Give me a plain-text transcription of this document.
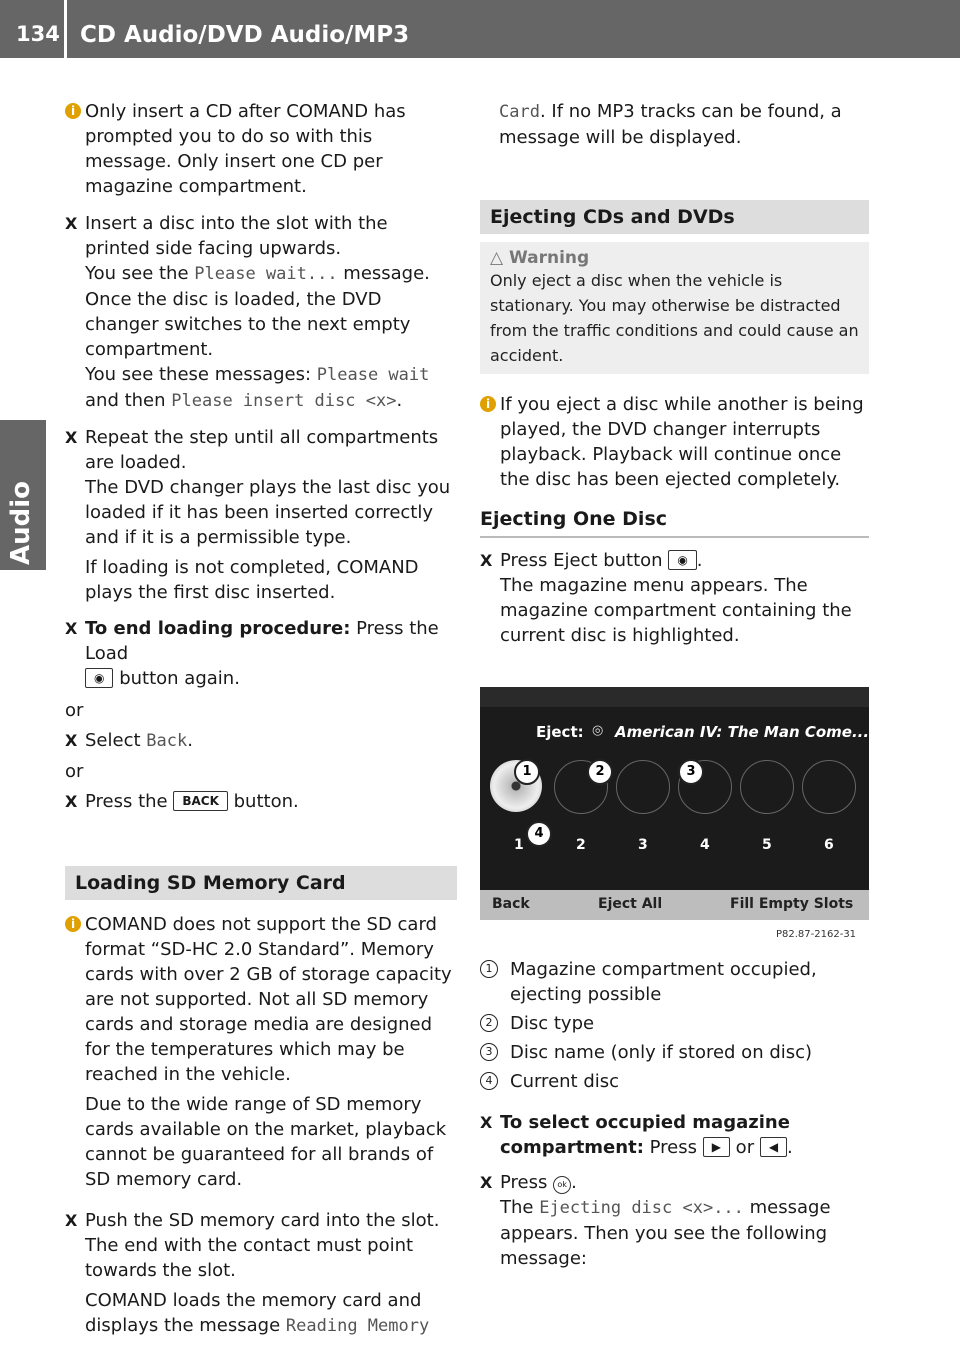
134 CD Audio/DVD Audio/MP3
Audio
i Only insert a CD after COMAND has prompted you to do so with this message. Only insert one CD per magazine compartment.
X Insert a disc into the slot with the printed side facing upwards.
You see the Please wait... message.
Once the disc is loaded, the DVD changer switches to the next empty compartment.
You see these messages: Please wait
and then Please insert disc <x>.
X Repeat the step until all compartments are loaded.
The DVD changer plays the last disc you loaded if it has been inserted correctly and if it is a permissible type.
If loading is not completed, COMAND plays the first disc inserted.
X To end loading procedure: Press the Load
◉ button again.
or
X Select Back.
or
X Press the BACK button.
Loading SD Memory Card
i COMAND does not support the SD card format “SD-HC 2.0 Standard”. Memory cards with over 2 GB of storage capacity are not supported. Not all SD memory cards and storage media are designed for the temperatures which may be reached in the vehicle.
Due to the wide range of SD memory cards available on the market, playback cannot be guaranteed for all brands of SD memory card.
X Push the SD memory card into the slot. The end with the contact must point towards the slot.
COMAND loads the memory card and displays the message Reading Memory
Card. If no MP3 tracks can be found, a message will be displayed.
Ejecting CDs and DVDs
△ Warning

Only eject a disc when the vehicle is stationary. You may otherwise be distracted from the traffic conditions and could cause an accident.

i If you eject a disc while another is being played, the DVD changer interrupts playback. Playback will continue once the disc has been ejected completely.
Ejecting One Disc
X Press Eject button ◉ .
The magazine menu appears. The magazine compartment containing the current disc is highlighted.
Eject: ◎ American IV: The Man Come...
1	2	3	4	5	6
1	2	3
4
Back	Eject All	Fill Empty Slots
P82.87-2162-31
1 Magazine compartment occupied, ejecting possible
2 Disc type
3 Disc name (only if stored on disc)
4 Current disc
X To select occupied magazine compartment: Press ▶ or ◀ .
X Press ok .
The Ejecting disc <x>... message appears. Then you see the following message:
